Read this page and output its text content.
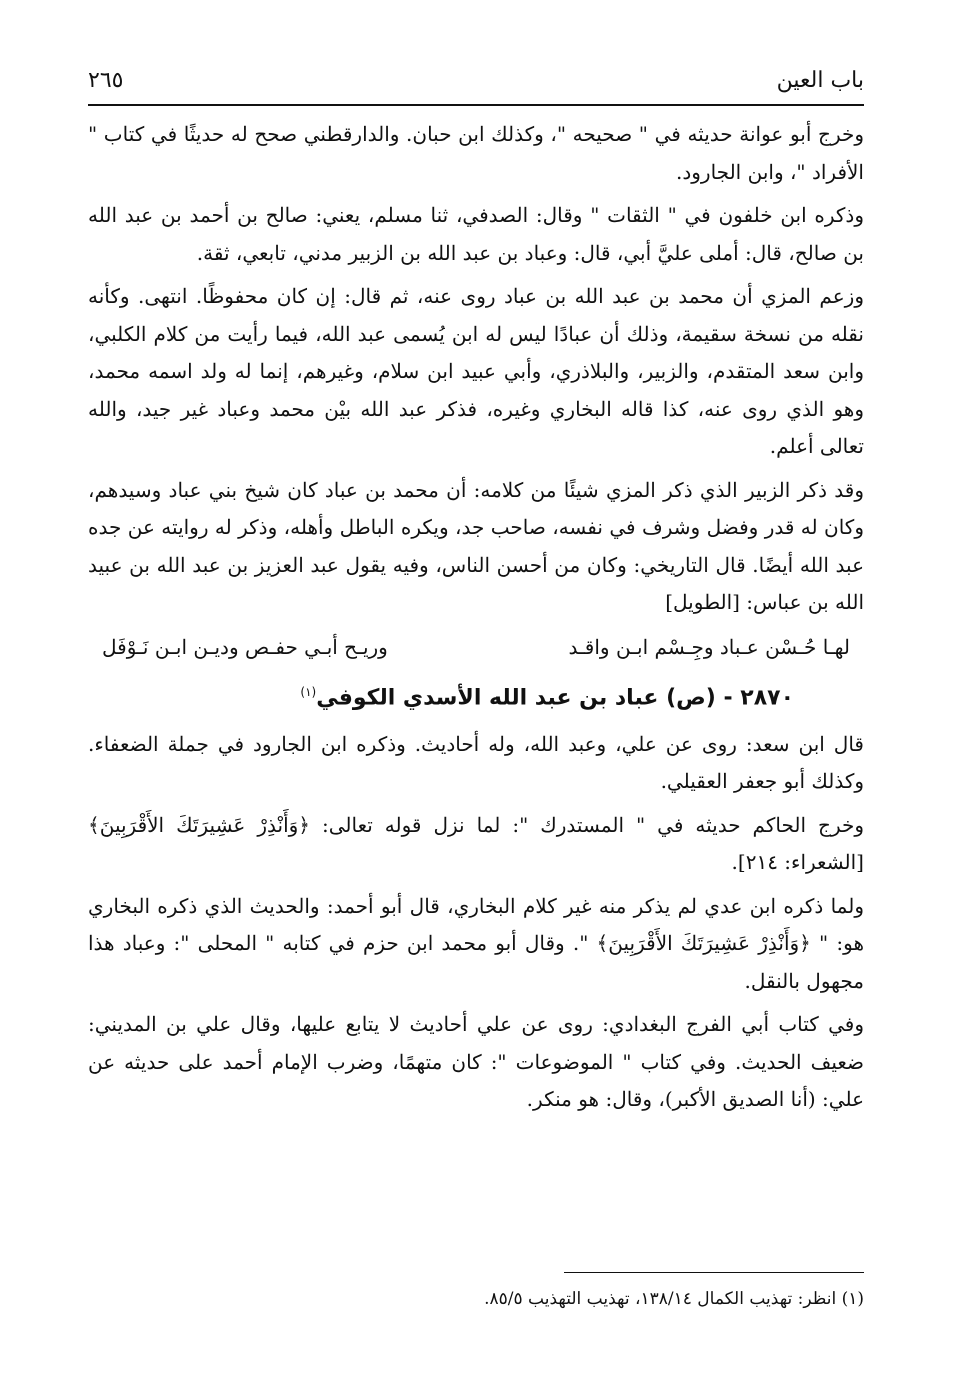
باب العين
٢٦٥

وخرج أبو عوانة حديثه في " صحيحه "، وكذلك ابن حبان. والدارقطني صحح له حديثًا في كتاب " الأفراد "، وابن الجارود.

وذكره ابن خلفون في " الثقات " وقال: الصدفي، ثنا مسلم، يعني: صالح بن أحمد بن عبد الله بن صالح، قال: أملى عليَّ أبي، قال: وعباد بن عبد الله بن الزبير مدني، تابعي، ثقة.

وزعم المزي أن محمد بن عبد الله بن عباد روى عنه، ثم قال: إن كان محفوظًا. انتهى. وكأنه نقله من نسخة سقيمة، وذلك أن عبادًا ليس له ابن يُسمى عبد الله، فيما رأيت من كلام الكلبي، وابن سعد المتقدم، والزبير، والبلاذري، وأبي عبيد ابن سلام، وغيرهم، إنما له ولد اسمه محمد، وهو الذي روى عنه، كذا قاله البخاري وغيره، فذكر عبد الله بيْن محمد وعباد غير جيد، والله تعالى أعلم.

وقد ذكر الزبير الذي ذكر المزي شيئًا من كلامه: أن محمد بن عباد كان شيخ بني عباد وسيدهم، وكان له قدر وفضل وشرف في نفسه، صاحب جد، ويكره الباطل وأهله، وذكر له روايته عن جده عبد الله أيضًا. قال التاريخي: وكان من أحسن الناس، وفيه يقول عبد العزيز بن عبد الله بن عبيد الله بن عباس: [الطويل]

لهـا حُـسْن عـباد وجِـسْم ابـن واقـد
وريـح أبـي حفـص وديـن ابـن نَـوْفَل
٢٨٧٠ - (ص) عباد بن عبد الله الأسدي الكوفي$^{(١)}$

قال ابن سعد: روى عن علي، وعبد الله، وله أحاديث. وذكره ابن الجارود في جملة الضعفاء. وكذلك أبو جعفر العقيلي.

وخرج الحاكم حديثه في " المستدرك ": لما نزل قوله تعالى: ﴿وَأَنْذِرْ عَشِيرَتَكَ الأَقْرَبِينَ﴾ [الشعراء: ٢١٤].

ولما ذكره ابن عدي لم يذكر منه غير كلام البخاري، قال أبو أحمد: والحديث الذي ذكره البخاري هو: " ﴿وَأَنْذِرْ عَشِيرَتَكَ الأَقْرَبِينَ﴾ ". وقال أبو محمد ابن حزم في كتابه " المحلى ": وعباد هذا مجهول بالنقل.

وفي كتاب أبي الفرج البغدادي: روى عن علي أحاديث لا يتابع عليها، وقال علي بن المديني: ضعيف الحديث. وفي كتاب " الموضوعات ": كان متهمًا، وضرب الإمام أحمد على حديثه عن علي: (أنا الصديق الأكبر)، وقال: هو منكر.

(١) انظر: تهذيب الكمال ١٣٨/١٤، تهذيب التهذيب ٨٥/٥.
